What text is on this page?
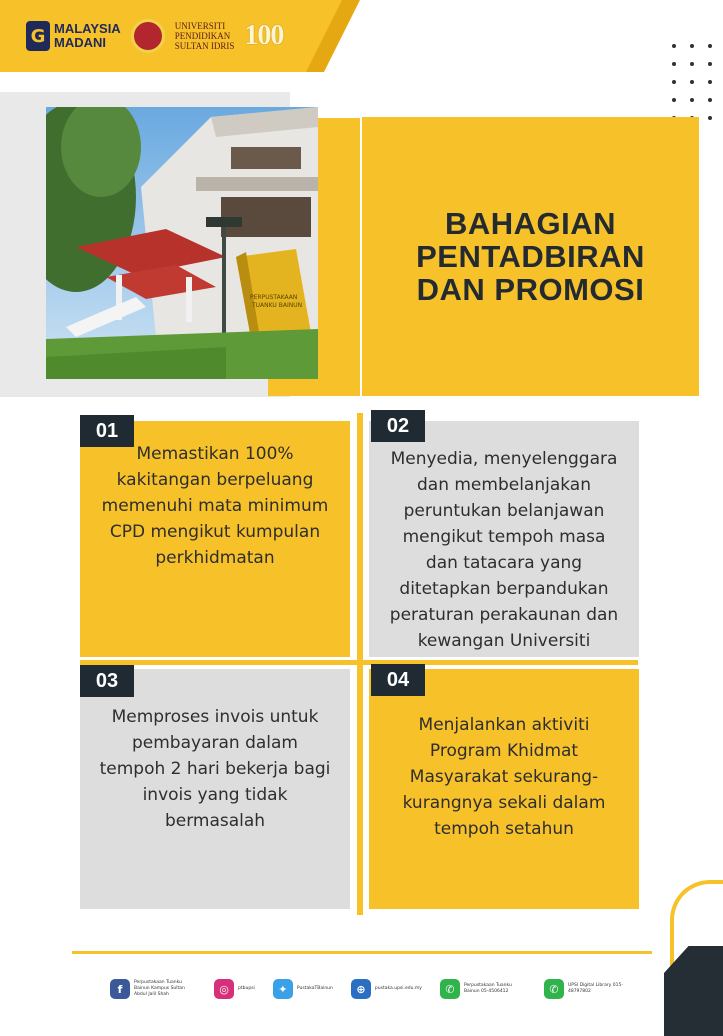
G MALAYSIA
MADANI
UNIVERSITI
PENDIDIKAN
SULTAN IDRIS 100
PERPUSTAKAAN
TUANKU BAINUN
BAHAGIAN
PENTADBIRAN
DAN PROMOSI
Memastikan 100% kakitangan berpeluang memenuhi mata minimum CPD mengikut kumpulan perkhidmatan
01
Menyedia, menyelenggara dan membelanjakan peruntukan belanjawan mengikut tempoh masa dan tatacara yang ditetapkan berpandukan peraturan perakaunan dan kewangan Universiti
02
Memproses invois untuk pembayaran dalam tempoh 2 hari bekerja bagi invois yang tidak bermasalah
03
Menjalankan aktiviti Program Khidmat Masyarakat sekurang-kurangnya sekali dalam tempoh setahun
04
f	Perpustakaan Tuanku Bainun Kampus Sultan Abdul Jalil Shah	◎	ptbupsi	✦	PustakaTBainun	⊕	pustaka.upsi.edu.my	✆	Perpustakaan Tuanku Bainun 05-4506412	✆	UPSI Digital Library 015-48797802
